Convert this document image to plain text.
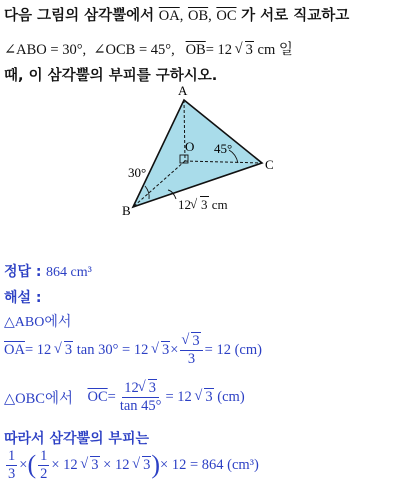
다음 그림의 삼각뿔에서 $\overline{OA}$, $\overline{OB}$, $\overline{OC}$ 가 서로 직교하고
∠ABO = 30°,  ∠OCB = 45°,   $\overline{OB}= 12$ √ 3 cm 일
때, 이 삼각뿔의 부피를 구하시오.
A
O
C
B
30°
45°
12 √ 3 cm
정답 : 864 cm³
해설 :
△ABO에서
$\overline{OA} = 12$
√ 3
tan 30° = 12
√ 3 × √ $\frac{3}{3} = 12$ (cm)
△OBC에서
$\overline{OC} = \frac{12 √ 3}{\tan 45^\circ} = 12$
√ 3
(cm)
따라서 삼각뿔의 부피는
$\frac{1}{3}$ × ( $\frac{1}{2} \times 12$
√ 3
× 12
√ 3 ) × 12 = 864 (cm³)
